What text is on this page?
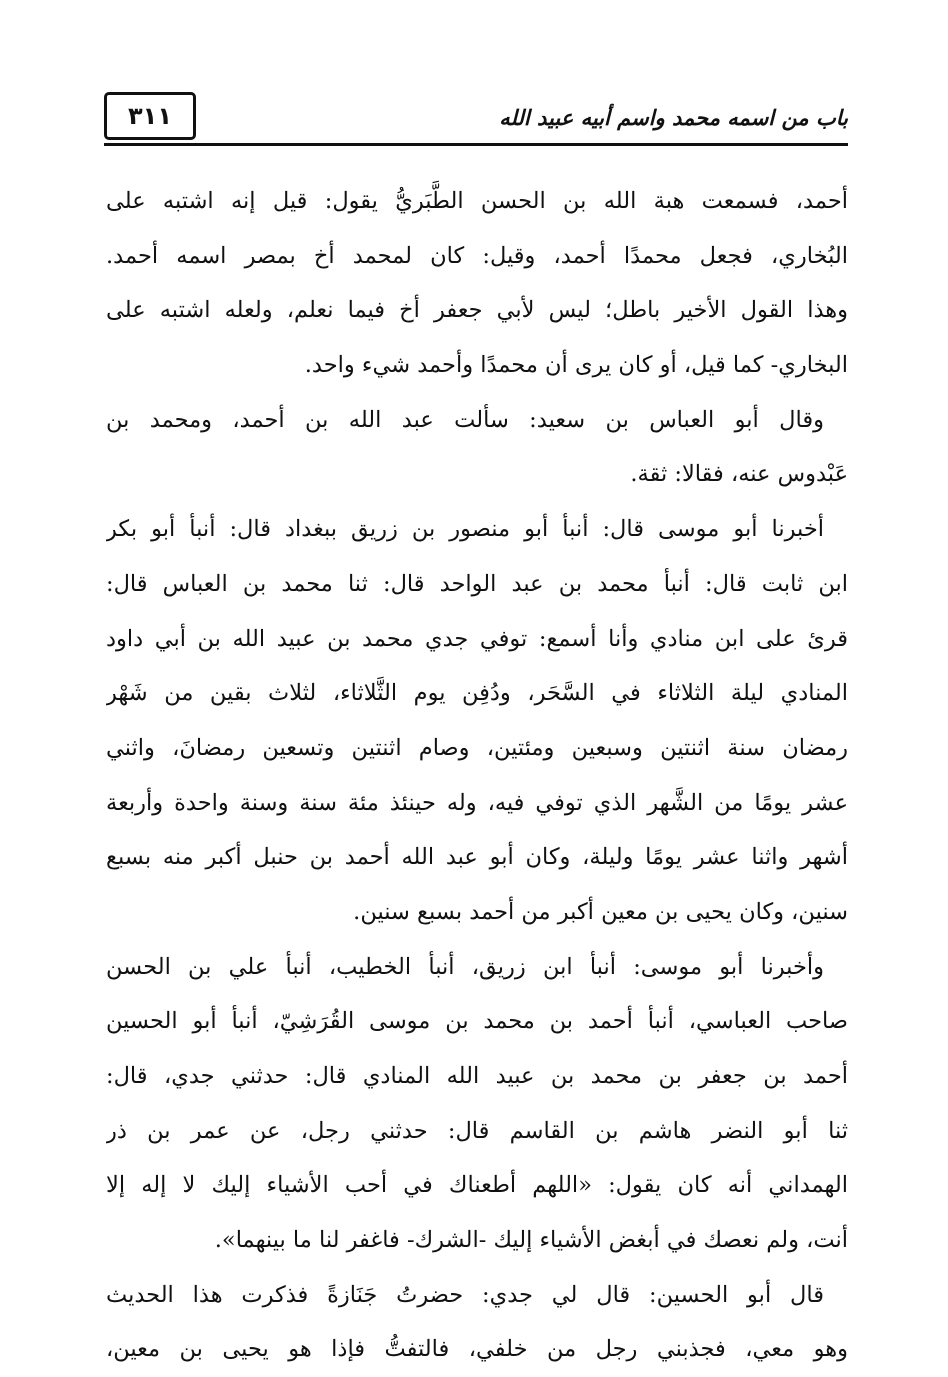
٣١١	باب من اسمه محمد واسم أبيه عبيد الله
أحمد، فسمعت هبة الله بن الحسن الطَّبَريُّ يقول: قيل إنه اشتبه على
البُخاري، فجعل محمدًا أحمد، وقيل: كان لمحمد أخ بمصر اسمه أحمد.
وهذا القول الأخير باطل؛ ليس لأبي جعفر أخ فيما نعلم، ولعله اشتبه على
البخاري- كما قيل، أو كان يرى أن محمدًا وأحمد شيء واحد.
وقال أبو العباس بن سعيد: سألت عبد الله بن أحمد، ومحمد بن
عَبْدوس عنه، فقالا: ثقة.
أخبرنا أبو موسى قال: أنبأ أبو منصور بن زريق ببغداد قال: أنبأ أبو بكر
ابن ثابت قال: أنبأ محمد بن عبد الواحد قال: ثنا محمد بن العباس قال:
قرئ على ابن منادي وأنا أسمع: توفي جدي محمد بن عبيد الله بن أبي داود
المنادي ليلة الثلاثاء في السَّحَر، ودُفِن يوم الثَّلاثاء، لثلاث بقين من شَهْر
رمضان سنة اثنتين وسبعين ومئتين، وصام اثنتين وتسعين رمضانَ، واثني
عشر يومًا من الشَّهر الذي توفي فيه، وله حينئذ مئة سنة وسنة واحدة وأربعة
أشهر واثنا عشر يومًا وليلة، وكان أبو عبد الله أحمد بن حنبل أكبر منه بسبع
سنين، وكان يحيى بن معين أكبر من أحمد بسبع سنين.
وأخبرنا أبو موسى: أنبأ ابن زريق، أنبأ الخطيب، أنبأ علي بن الحسن
صاحب العباسي، أنبأ أحمد بن محمد بن موسى القُرَشِيّ، أنبأ أبو الحسين
أحمد بن جعفر بن محمد بن عبيد الله المنادي قال: حدثني جدي، قال:
ثنا أبو النضر هاشم بن القاسم قال: حدثني رجل، عن عمر بن ذر
الهمداني أنه كان يقول: «اللهم أطعناك في أحب الأشياء إليك لا إله إلا
أنت، ولم نعصك في أبغض الأشياء إليك -الشرك- فاغفر لنا ما بينهما».
قال أبو الحسين: قال لي جدي: حضرتُ جَنَازةً فذكرت هذا الحديث
وهو معي، فجذبني رجل من خلفي، فالتفتُّ فإذا هو يحيى بن معين،
